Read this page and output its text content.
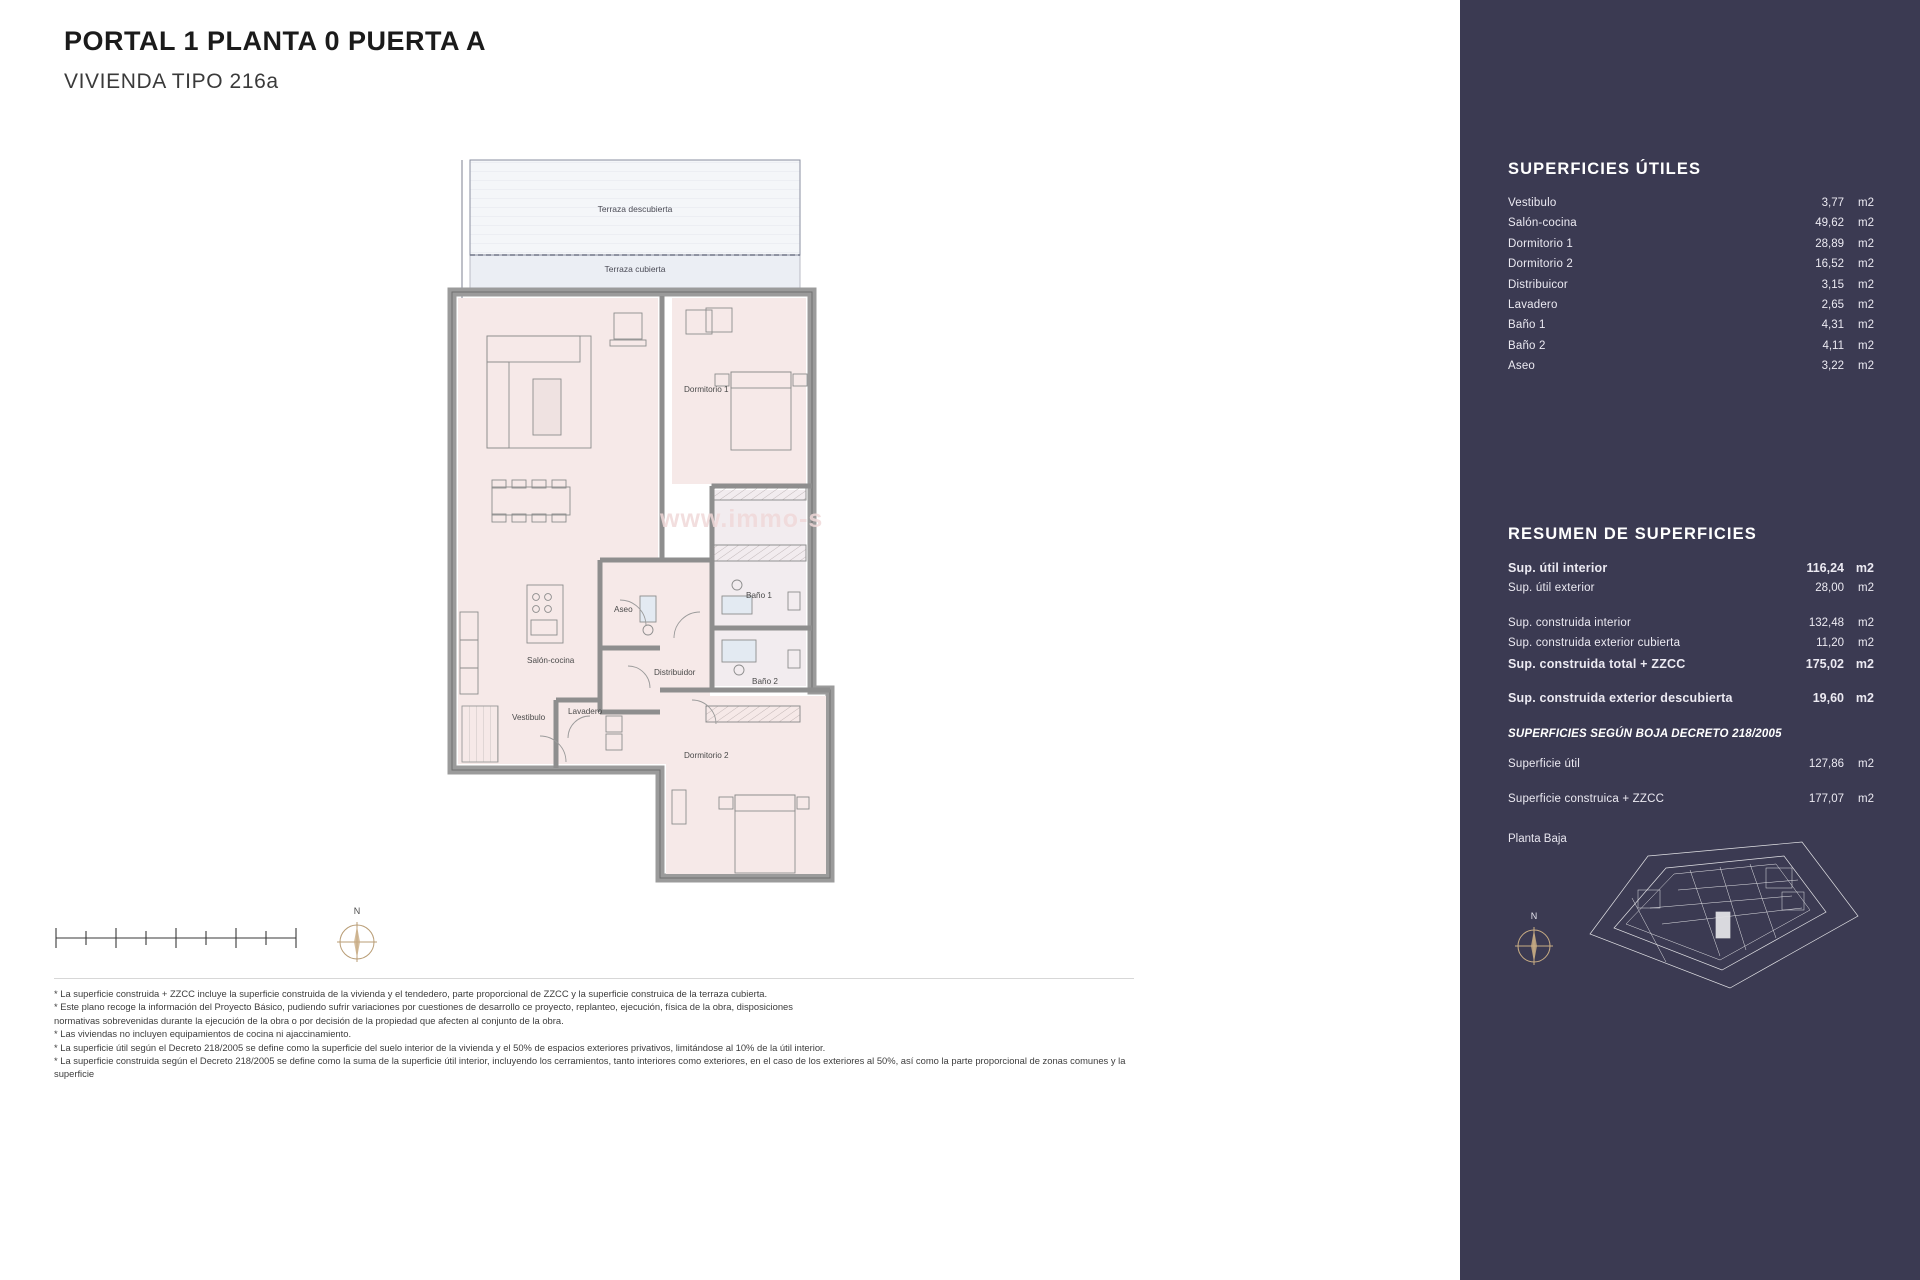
PORTAL 1 PLANTA 0 PUERTA A
VIVIENDA TIPO 216a
Terraza descubierta
Terraza cubierta
Dormitorio 1
Salón-cocina
Aseo
Baño 1
Baño 2
Distribuidor
Lavadero
Vestibulo
Dormitorio 2
www.immo-s
N
* La superficie construida + ZZCC incluye la superficie construida de la vivienda y el tendedero, parte proporcional de ZZCC y la superficie construica de la terraza cubierta.
* Este plano recoge la información del Proyecto Básico, pudiendo sufrir variaciones por cuestiones de desarrollo ce proyecto, replanteo, ejecución, física de la obra, disposiciones
normativas sobrevenidas durante la ejecución de la obra o por decisión de la propiedad que afecten al conjunto de la obra.
* Las viviendas no incluyen equipamientos de cocina ni ajaccinamiento.
* La superficie útil según el Decreto 218/2005 se define como la superficie del suelo interior de la vivienda y el 50% de espacios exteriores privativos, limitándose al 10% de la útil interior.
* La superficie construida según el Decreto 218/2005 se define como la suma de la superficie útil interior, incluyendo los cerramientos, tanto interiores como exteriores, en el caso de los exteriores al 50%, así como la parte proporcional de zonas comunes y la superficie
SUPERFICIES ÚTILES
Vestibulo	3,77	m2
Salón-cocina	49,62	m2
Dormitorio 1	28,89	m2
Dormitorio 2	16,52	m2
Distribuicor	3,15	m2
Lavadero	2,65	m2
Baño 1	4,31	m2
Baño 2	4,11	m2
Aseo	3,22	m2
RESUMEN DE SUPERFICIES
Sup. útil interior	116,24 m2
Sup. útil exterior	28,00	m2
Sup. construida interior	132,48	m2
Sup. construida exterior cubierta	11,20	m2
Sup. construida total + ZZCC	175,02 m2
Sup. construida exterior descubierta	19,60 m2
SUPERFICIES SEGÚN BOJA DECRETO 218/2005
Superficie útil	127,86	m2
Superficie construica + ZZCC	177,07	m2
Planta Baja
N
